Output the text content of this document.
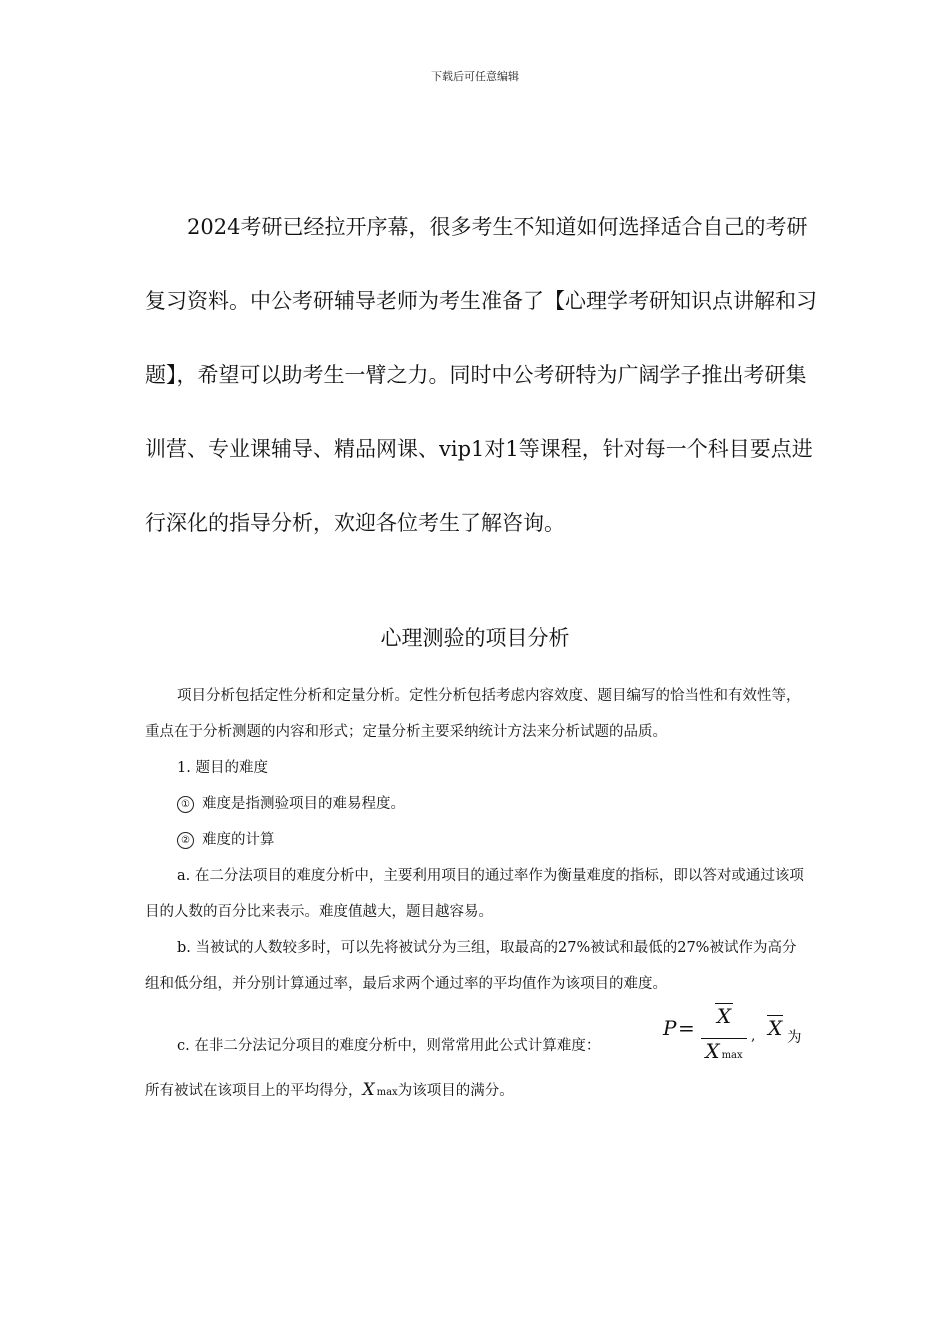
下载后可任意编辑

2024考研已经拉开序幕，很多考生不知道如何选择适合自己的考研复习资料。中公考研辅导老师为考生准备了【心理学考研知识点讲解和习题】，希望可以助考生一臂之力。同时中公考研特为广阔学子推出考研集训营、专业课辅导、精品网课、vip1对1等课程，针对每一个科目要点进行深化的指导分析，欢迎各位考生了解咨询。

心理测验的项目分析

项目分析包括定性分析和定量分析。定性分析包括考虑内容效度、题目编写的恰当性和有效性等，重点在于分析测题的内容和形式；定量分析主要采纳统计方法来分析试题的品质。

1. 题目的难度

① 难度是指测验项目的难易程度。

② 难度的计算

a. 在二分法项目的难度分析中，主要利用项目的通过率作为衡量难度的指标，即以答对或通过该项目的人数的百分比来表示。难度值越大，题目越容易。

b. 当被试的人数较多时，可以先将被试分为三组，取最高的27%被试和最低的27%被试作为高分组和低分组，并分别计算通过率，最后求两个通过率的平均值作为该项目的难度。

c. 在非二分法记分项目的难度分析中，则常常用此公式计算难度：
P =	X
Xmax
, X 为

所有被试在该项目上的平均得分，X max为该项目的满分。
